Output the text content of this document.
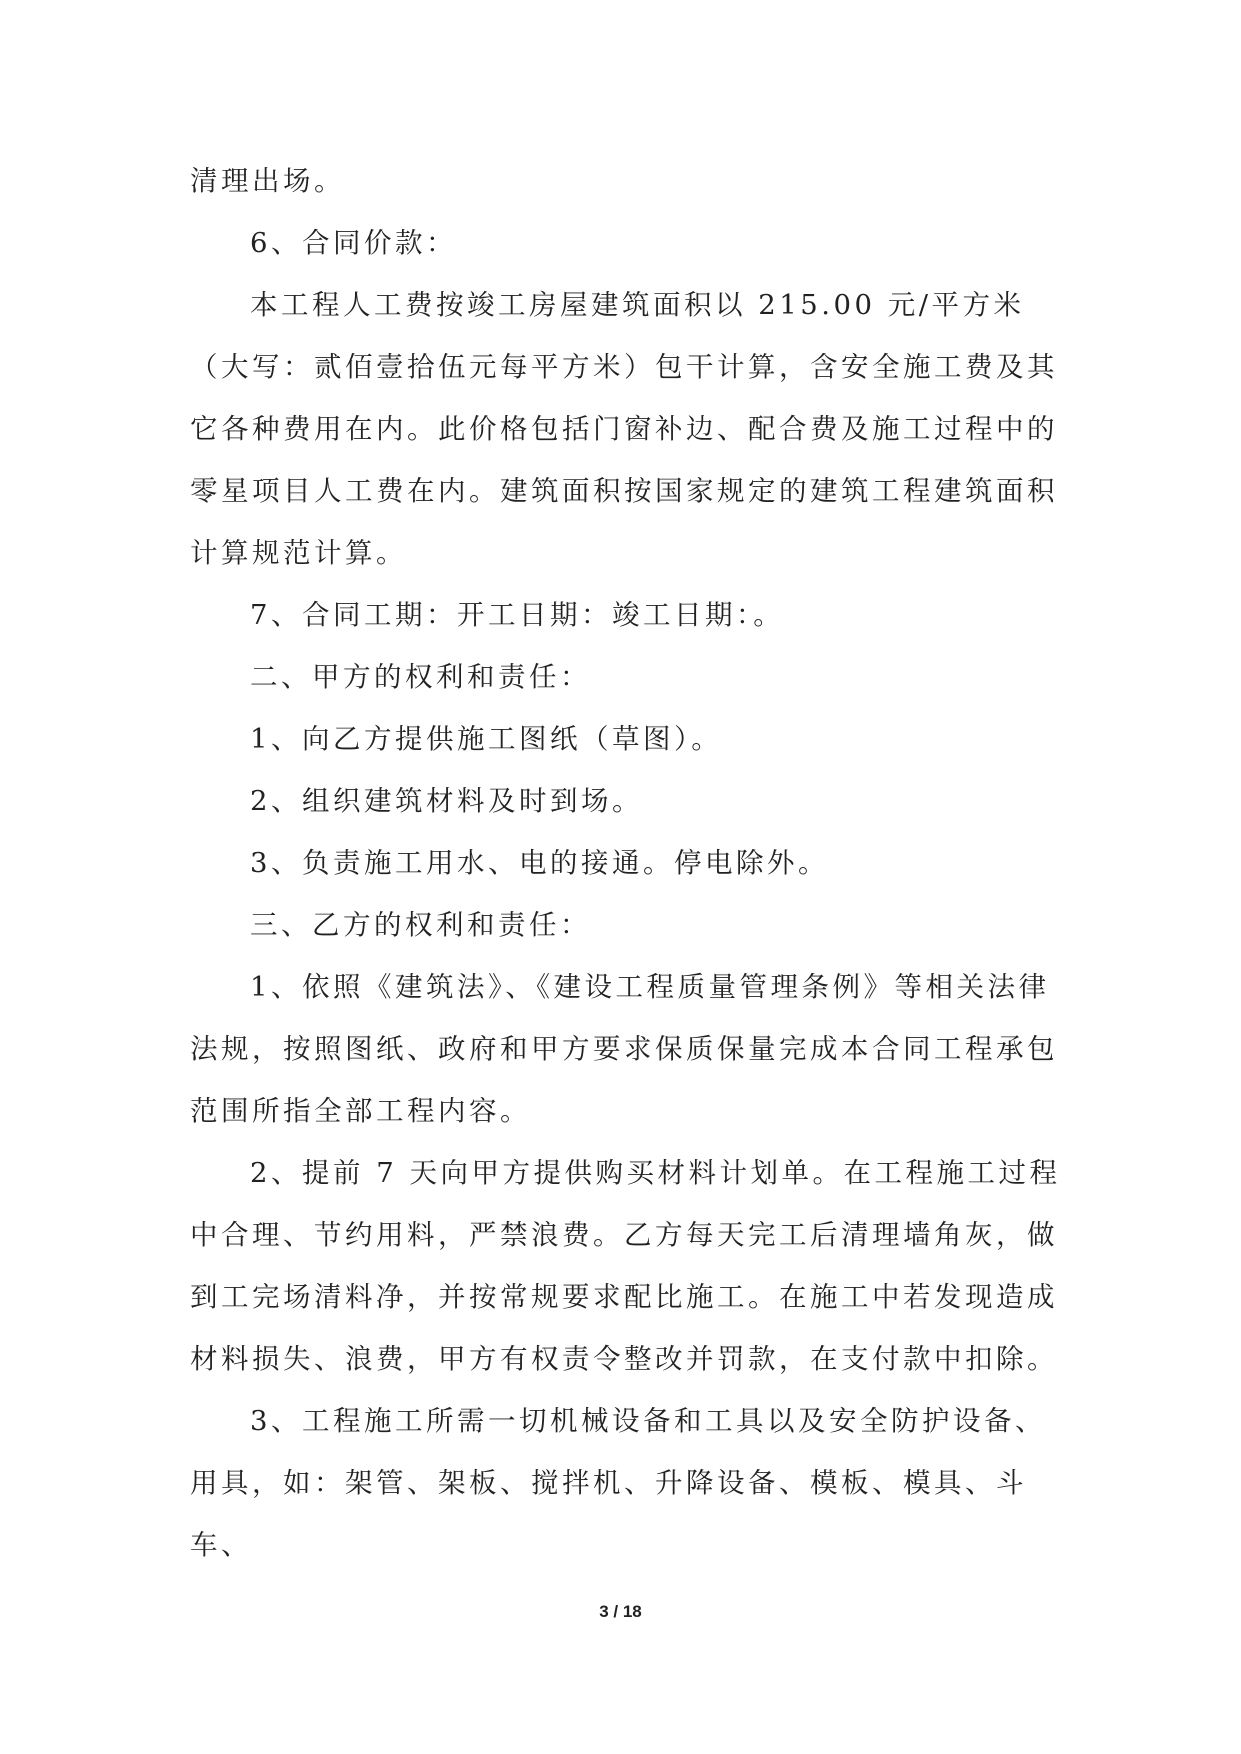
清理出场。

6、合同价款：

本工程人工费按竣工房屋建筑面积以 215.00 元/平方米（大写：贰佰壹拾伍元每平方米）包干计算，含安全施工费及其它各种费用在内。此价格包括门窗补边、配合费及施工过程中的零星项目人工费在内。建筑面积按国家规定的建筑工程建筑面积计算规范计算。

7、合同工期：开工日期：竣工日期：。

二、甲方的权利和责任：

1、向乙方提供施工图纸（草图）。

2、组织建筑材料及时到场。

3、负责施工用水、电的接通。停电除外。

三、乙方的权利和责任：

1、依照《建筑法》、《建设工程质量管理条例》等相关法律法规，按照图纸、政府和甲方要求保质保量完成本合同工程承包范围所指全部工程内容。

2、提前 7 天向甲方提供购买材料计划单。在工程施工过程中合理、节约用料，严禁浪费。乙方每天完工后清理墙角灰，做到工完场清料净，并按常规要求配比施工。在施工中若发现造成材料损失、浪费，甲方有权责令整改并罚款，在支付款中扣除。

3、工程施工所需一切机械设备和工具以及安全防护设备、用具，如：架管、架板、搅拌机、升降设备、模板、模具、斗车、

3 / 18
